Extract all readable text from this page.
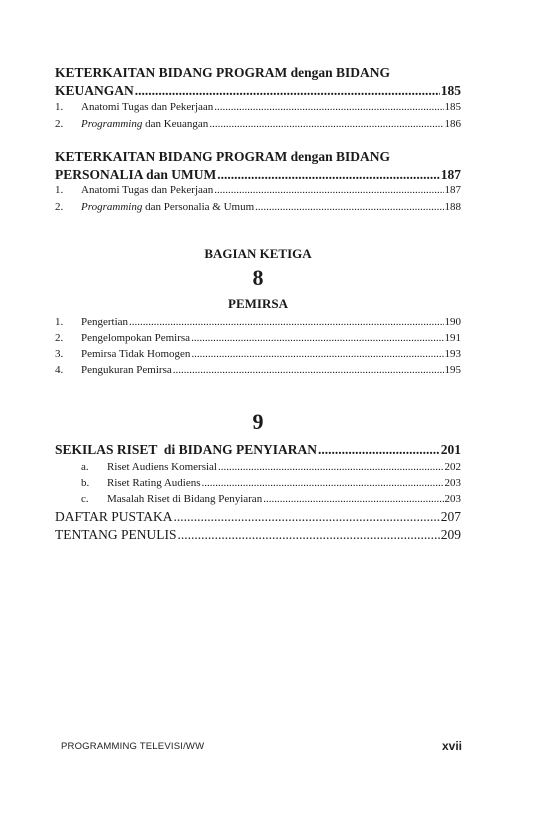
KETERKAITAN BIDANG PROGRAM dengan BIDANG
KEUANGAN .....	185
1.	Anatomi Tugas dan Pekerjaan .....	185
2.	Programming dan Keuangan .....	186
KETERKAITAN BIDANG PROGRAM dengan BIDANG
PERSONALIA dan UMUM .....	187
1.	Anatomi Tugas dan Pekerjaan .....	187
2.	Programming dan Personalia & Umum .....	188
BAGIAN KETIGA
8
PEMIRSA
1.	Pengertian .....	190
2.	Pengelompokan Pemirsa .....	191
3.	Pemirsa Tidak Homogen .....	193
4.	Pengukuran Pemirsa .....	195
9
SEKILAS RISET  di BIDANG PENYIARAN .....	201
a.	Riset Audiens Komersial .....	202
b.	Riset Rating Audiens .....	203
c.	Masalah Riset di Bidang Penyiaran .....	203
DAFTAR PUSTAKA .....	207
TENTANG PENULIS .....	209
PROGRAMMING TELEVISI/WW	xvii
